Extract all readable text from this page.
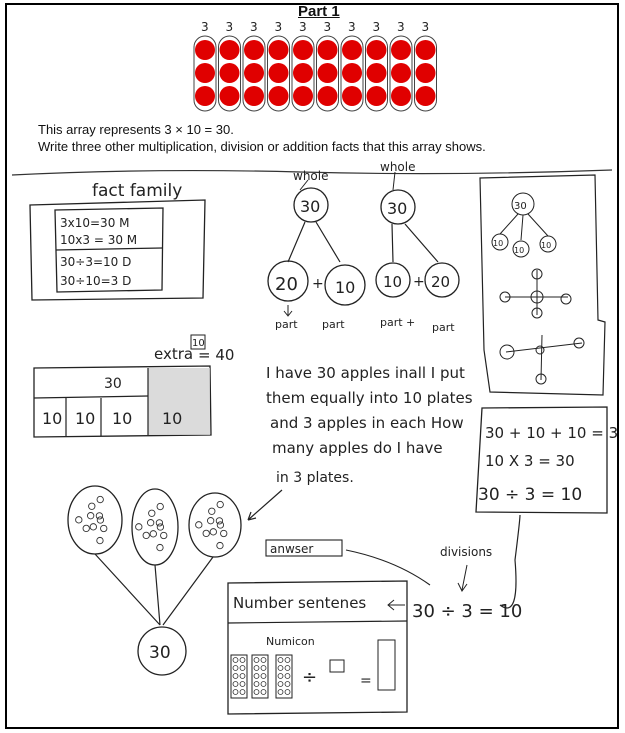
Part 1
This array represents 3 × 10 = 30.
Write three other multiplication, division or addition facts that this array shows.
3 3 3 3 3 3 3 3 3 3
fact family
3x10=30 M
10x3 = 30 M
30÷3=10 D
30÷10=3 D
whole
30
20 + 10
part part
whole
30
10 + 20
part + part
30
10
10
10
extra
10
= 40
30
10 10 10 10
I have 30 apples inall I put
them equally into 10 plates
and 3 apples in each How
many apples do I have
in 3 plates.
30 + 10 + 10 = 3
10 X 3 = 30
30 ÷ 3 = 10
30
anwser	divisions
Number sentenes
Numicon
÷	=
30 ÷ 3 = 10
